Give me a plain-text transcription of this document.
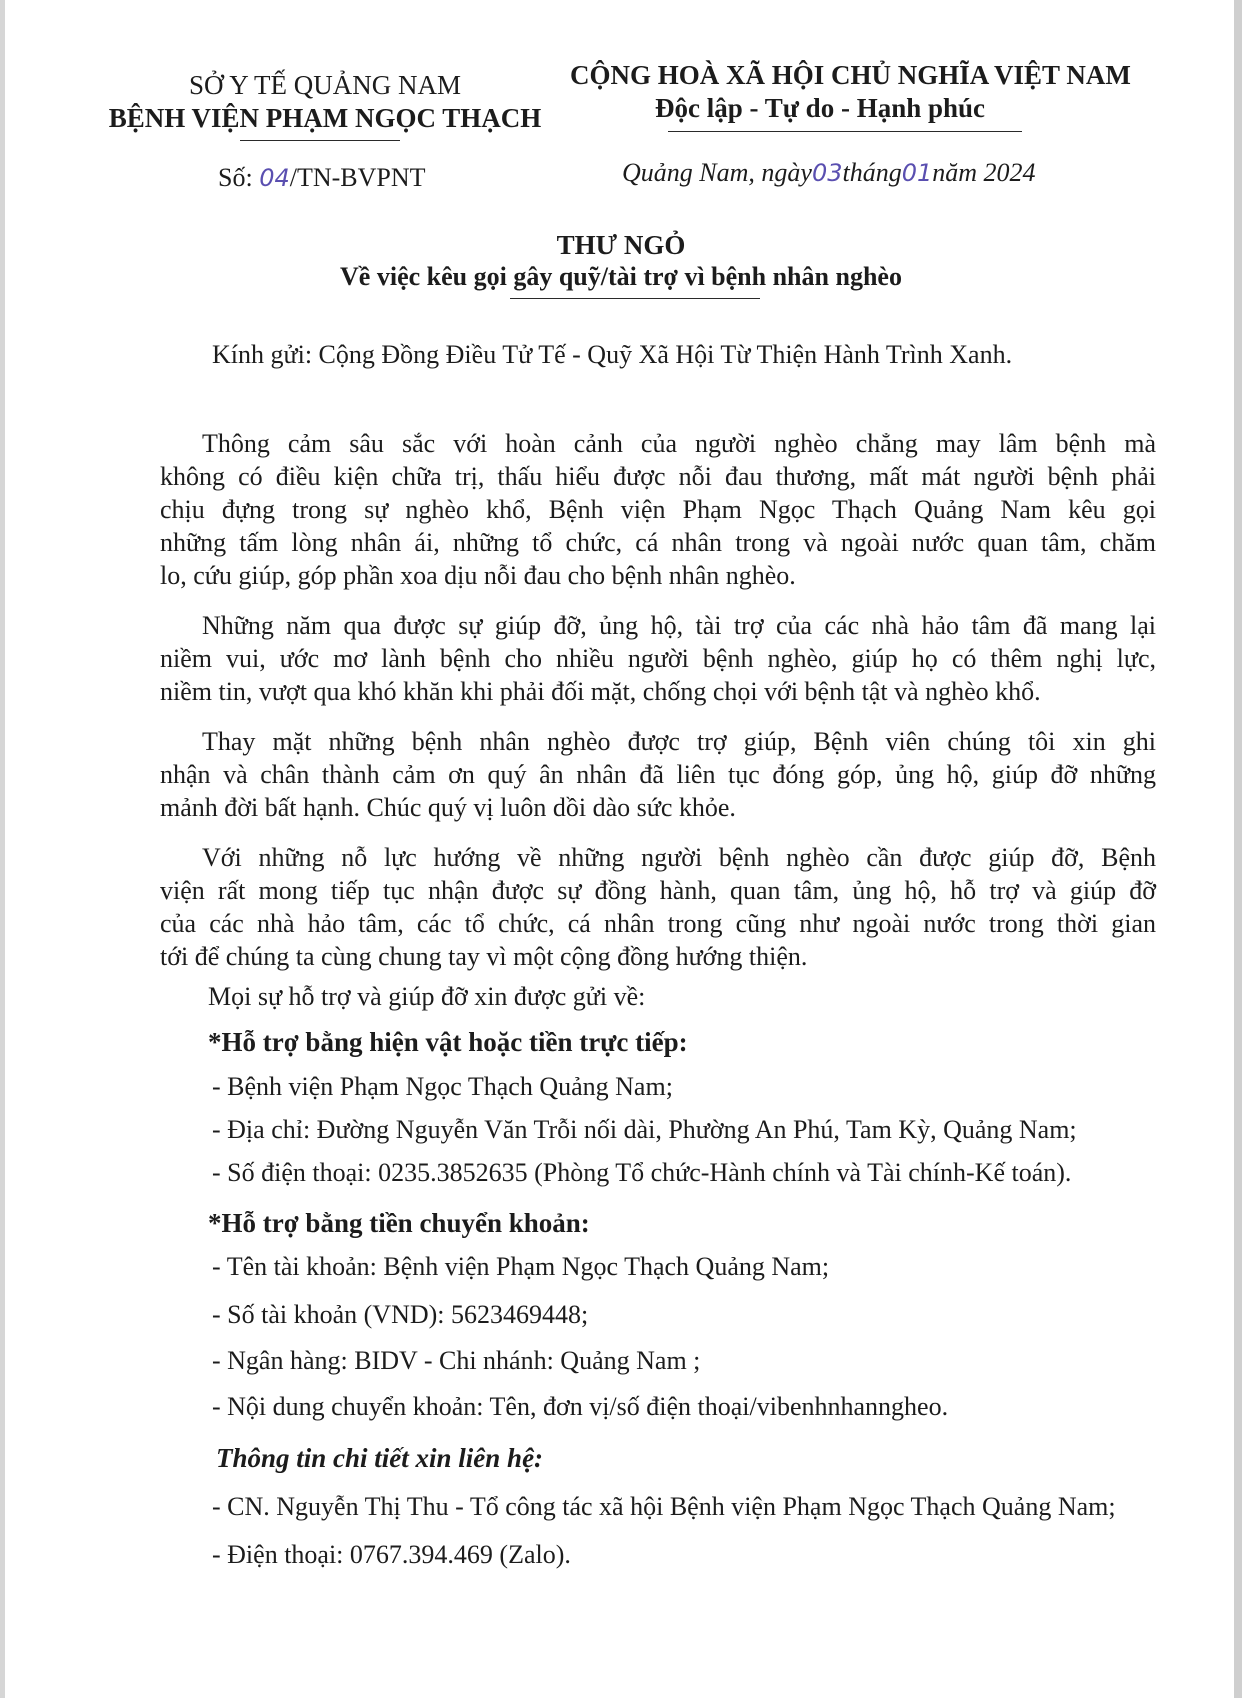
SỞ Y TẾ QUẢNG NAM
BỆNH VIỆN PHẠM NGỌC THẠCH
Số: 04/TN-BVPNT
CỘNG HOÀ XÃ HỘI CHỦ NGHĨA VIỆT NAM
Độc lập - Tự do - Hạnh phúc
Quảng Nam, ngày03tháng01năm 2024
THƯ NGỎ
Về việc kêu gọi gây quỹ/tài trợ vì bệnh nhân nghèo
Kính gửi: Cộng Đồng Điều Tử Tế - Quỹ Xã Hội Từ Thiện Hành Trình Xanh.
Thông cảm sâu sắc với hoàn cảnh của người nghèo chẳng may lâm bệnh mà
không có điều kiện chữa trị, thấu hiểu được nỗi đau thương, mất mát người bệnh phải
chịu đựng trong sự nghèo khổ, Bệnh viện Phạm Ngọc Thạch Quảng Nam kêu gọi
những tấm lòng nhân ái, những tổ chức, cá nhân trong và ngoài nước quan tâm, chăm
lo, cứu giúp, góp phần xoa dịu nỗi đau cho bệnh nhân nghèo.
Những năm qua được sự giúp đỡ, ủng hộ, tài trợ của các nhà hảo tâm đã mang lại
niềm vui, ước mơ lành bệnh cho nhiều người bệnh nghèo, giúp họ có thêm nghị lực,
niềm tin, vượt qua khó khăn khi phải đối mặt, chống chọi với bệnh tật và nghèo khổ.
Thay mặt những bệnh nhân nghèo được trợ giúp, Bệnh viên chúng tôi xin ghi
nhận và chân thành cảm ơn quý ân nhân đã liên tục đóng góp, ủng hộ, giúp đỡ những
mảnh đời bất hạnh. Chúc quý vị luôn dồi dào sức khỏe.
Với những nỗ lực hướng về những người bệnh nghèo cần được giúp đỡ, Bệnh
viện rất mong tiếp tục nhận được sự đồng hành, quan tâm, ủng hộ, hỗ trợ và giúp đỡ
của các nhà hảo tâm, các tổ chức, cá nhân trong cũng như ngoài nước trong thời gian
tới để chúng ta cùng chung tay vì một cộng đồng hướng thiện.
Mọi sự hỗ trợ và giúp đỡ xin được gửi về:
*Hỗ trợ bằng hiện vật hoặc tiền trực tiếp:
- Bệnh viện Phạm Ngọc Thạch Quảng Nam;
- Địa chỉ: Đường Nguyễn Văn Trỗi nối dài, Phường An Phú, Tam Kỳ, Quảng Nam;
- Số điện thoại: 0235.3852635 (Phòng Tổ chức-Hành chính và Tài chính-Kế toán).
*Hỗ trợ bằng tiền chuyển khoản:
- Tên tài khoản: Bệnh viện Phạm Ngọc Thạch Quảng Nam;
- Số tài khoản (VND): 5623469448;
- Ngân hàng: BIDV - Chi nhánh: Quảng Nam ;
- Nội dung chuyển khoản: Tên, đơn vị/số điện thoại/vibenhnhannghe​o.
Thông tin chi tiết xin liên hệ:
- CN. Nguyễn Thị Thu - Tổ công tác xã hội Bệnh viện Phạm Ngọc Thạch Quảng Nam;
- Điện thoại: 0767.394.469 (Zalo).
